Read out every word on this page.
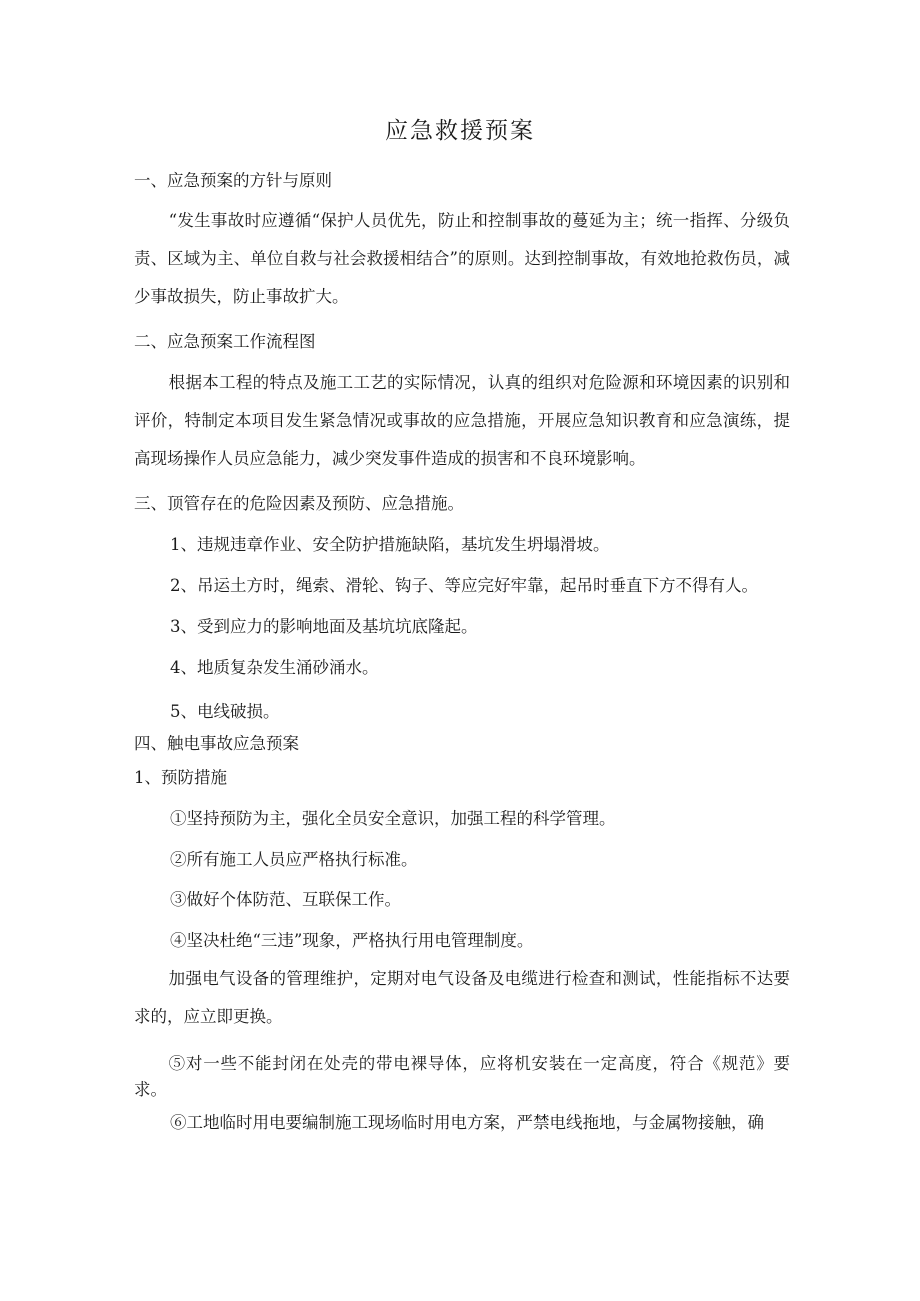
应急救援预案
一、应急预案的方针与原则
“发生事故时应遵循“保护人员优先，防止和控制事故的蔓延为主；统一指挥、分级负责、区域为主、单位自救与社会救援相结合”的原则。达到控制事故，有效地抢救伤员，减少事故损失，防止事故扩大。
二、应急预案工作流程图
根据本工程的特点及施工工艺的实际情况，认真的组织对危险源和环境因素的识别和评价，特制定本项目发生紧急情况或事故的应急措施，开展应急知识教育和应急演练，提高现场操作人员应急能力，减少突发事件造成的损害和不良环境影响。
三、顶管存在的危险因素及预防、应急措施。
1、违规违章作业、安全防护措施缺陷，基坑发生坍塌滑坡。
2、吊运土方时，绳索、滑轮、钩子、等应完好牢靠，起吊时垂直下方不得有人。
3、受到应力的影响地面及基坑坑底隆起。
4、地质复杂发生涌砂涌水。
5、电线破损。
四、触电事故应急预案
1、预防措施
①坚持预防为主，强化全员安全意识，加强工程的科学管理。
②所有施工人员应严格执行标准。
③做好个体防范、互联保工作。
④坚决杜绝“三违”现象，严格执行用电管理制度。
加强电气设备的管理维护，定期对电气设备及电缆进行检查和测试，性能指标不达要求的，应立即更换。
⑤对一些不能封闭在处壳的带电裸导体，应将机安装在一定高度，符合《规范》要求。
⑥工地临时用电要编制施工现场临时用电方案，严禁电线拖地，与金属物接触，确
